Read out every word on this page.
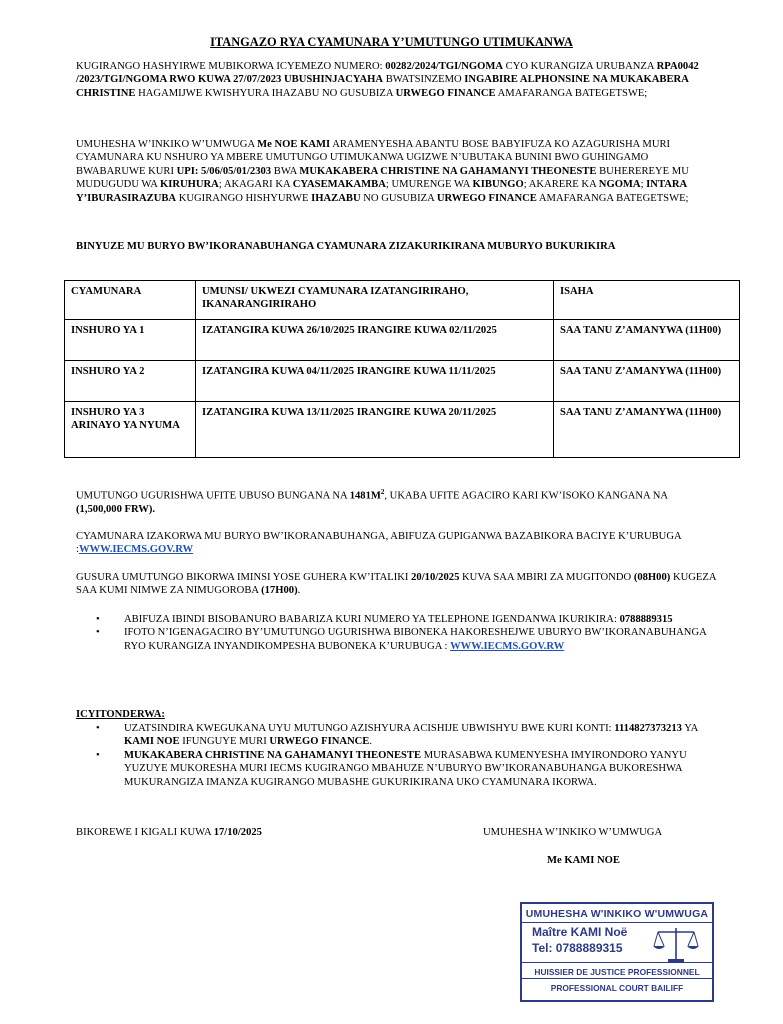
ITANGAZO RYA CYAMUNARA Y’UMUTUNGO UTIMUKANWA
KUGIRANGO HASHYIRWE MUBIKORWA ICYEMEZO NUMERO: 00282/2024/TGI/NGOMA CYO KURANGIZA URUBANZA RPA0042 /2023/TGI/NGOMA RWO KUWA 27/07/2023 UBUSHINJACYAHA BWATSINZEMO INGABIRE ALPHONSINE NA MUKAKABERA CHRISTINE HAGAMIJWE KWISHYURA IHAZABU NO GUSUBIZA URWEGO FINANCE AMAFARANGA BATEGETSWE;
UMUHESHA W’INKIKO W’UMWUGA Me NOE KAMI ARAMENYESHA ABANTU BOSE BABYIFUZA KO AZAGURISHA MURI CYAMUNARA KU NSHURO YA MBERE UMUTUNGO UTIMUKANWA UGIZWE N’UBUTAKA BUNINI BWO GUHINGAMO BWABARUWE KURI UPI: 5/06/05/01/2303 BWA MUKAKABERA CHRISTINE NA GAHAMANYI THEONESTE BUHEREREYE MU MUDUGUDU WA KIRUHURA; AKAGARI KA CYASEMAKAMBA; UMURENGE WA KIBUNGO; AKARERE KA NGOMA; INTARA Y’IBURASIRAZUBA KUGIRANGO HISHYURWE IHAZABU NO GUSUBIZA URWEGO FINANCE AMAFARANGA BATEGETSWE;
BINYUZE MU BURYO BW’IKORANABUHANGA CYAMUNARA ZIZAKURIKIRANA MUBURYO BUKURIKIRA
CYAMUNARA	UMUNSI/ UKWEZI CYAMUNARA IZATANGIRIRAHO, IKANARANGIRIRAHO	ISAHA
INSHURO YA 1	IZATANGIRA KUWA 26/10/2025 IRANGIRE KUWA 02/11/2025	SAA TANU Z’AMANYWA (11H00)
INSHURO YA 2	IZATANGIRA KUWA 04/11/2025 IRANGIRE KUWA 11/11/2025	SAA TANU Z’AMANYWA (11H00)
INSHURO YA 3 ARINAYO YA NYUMA	IZATANGIRA KUWA 13/11/2025 IRANGIRE KUWA 20/11/2025	SAA TANU Z’AMANYWA (11H00)
UMUTUNGO UGURISHWA UFITE UBUSO BUNGANA NA $1481M^2$, UKABA UFITE AGACIRO KARI KW’ISOKO KANGANA NA (1,500,000 FRW).
CYAMUNARA IZAKORWA MU BURYO BW’IKORANABUHANGA, ABIFUZA GUPIGANWA BAZABIKORA BACIYE K’URUBUGA :WWW.IECMS.GOV.RW
GUSURA UMUTUNGO BIKORWA IMINSI YOSE GUHERA KW’ITALIKI 20/10/2025 KUVA SAA MBIRI ZA MUGITONDO (08H00) KUGEZA SAA KUMI NIMWE ZA NIMUGOROBA (17H00).
• ABIFUZA IBINDI BISOBANURO BABARIZA KURI NUMERO YA TELEPHONE IGENDANWA IKURIKIRA: 0788889315
• IFOTO N’IGENAGACIRO BY’UMUTUNGO UGURISHWA BIBONEKA HAKORESHEJWE UBURYO BW’IKORANABUHANGA RYO KURANGIZA INYANDIKOMPESHA BUBONEKA K’URUBUGA : WWW.IECMS.GOV.RW
ICYITONDERWA:
• UZATSINDIRA KWEGUKANA UYU MUTUNGO AZISHYURA ACISHIJE UBWISHYU BWE KURI KONTI: 1114827373213 YA KAMI NOE IFUNGUYE MURI URWEGO FINANCE.
• MUKAKABERA CHRISTINE NA GAHAMANYI THEONESTE MURASABWA KUMENYESHA IMYIRONDORO YANYU YUZUYE MUKORESHA MURI IECMS KUGIRANGO MBAHUZE N’UBURYO BW’IKORANABUHANGA BUKORESHWA MUKURANGIZA IMANZA KUGIRANGO MUBASHE GUKURIKIRANA UKO CYAMUNARA IKORWA.
BIKOREWE I KIGALI KUWA 17/10/2025	UMUHESHA W’INKIKO W’UMWUGA
Me KAMI NOE
UMUHESHA W'INKIKO W'UMWUGA
Maître KAMI Noë
Tel: 0788889315
HUISSIER DE JUSTICE PROFESSIONNEL
PROFESSIONAL COURT BAILIFF
